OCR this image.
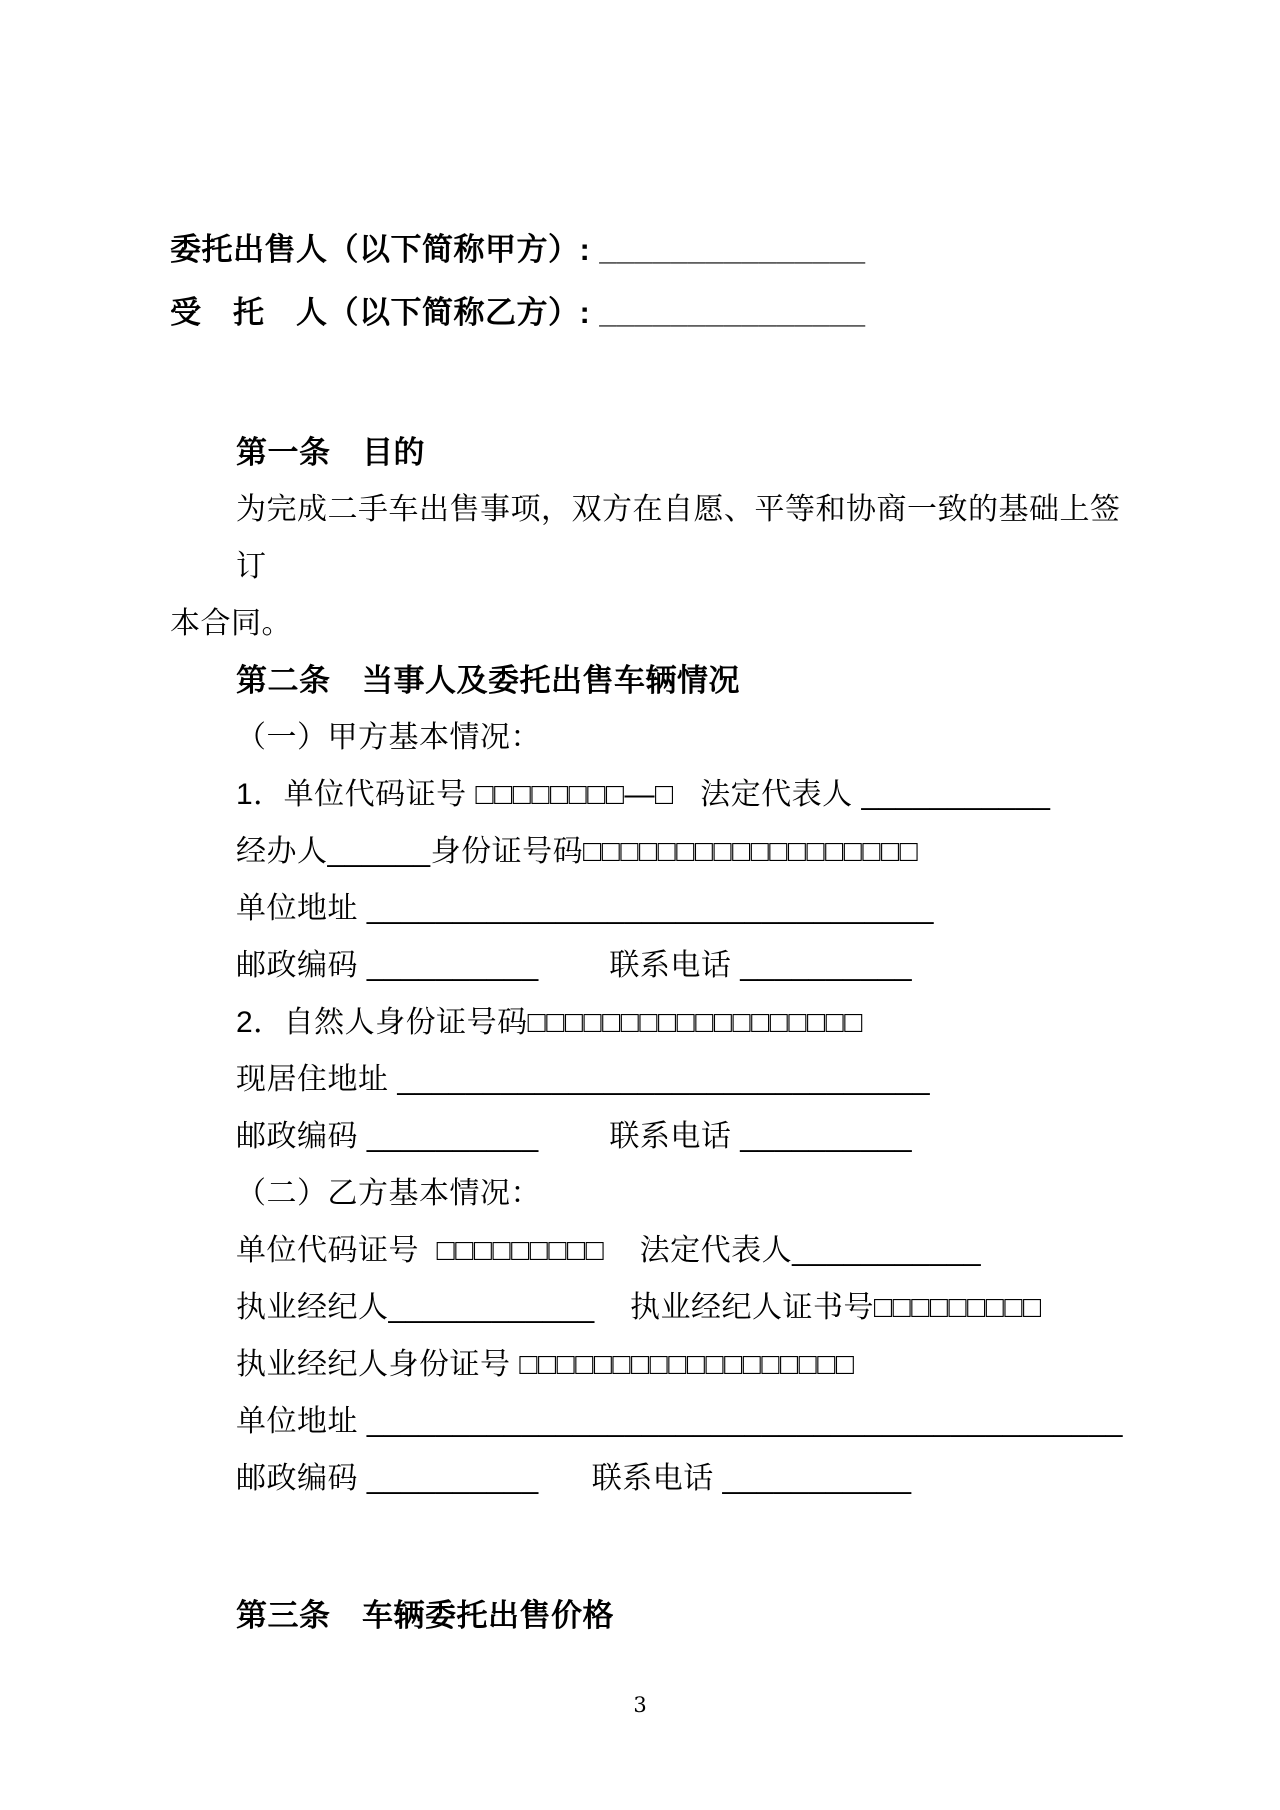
委托出售人（以下简称甲方）: _______________
受　托　人（以下简称乙方）: _______________
第一条　目的
为完成二手车出售事项，双方在自愿、平等和协商一致的基础上签订
本合同。
第二条　当事人及委托出售车辆情况
（一）甲方基本情况：
1．单位代码证号 □□□□□□□□—□   法定代表人 ___________
经办人______身份证号码□□□□□□□□□□□□□□□□□□
单位地址 _________________________________
邮政编码 __________        联系电话 __________
2．自然人身份证号码□□□□□□□□□□□□□□□□□□
现居住地址 _______________________________
邮政编码 __________        联系电话 __________
（二）乙方基本情况：
单位代码证号  □□□□□□□□□    法定代表人___________
执业经纪人____________    执业经纪人证书号□□□□□□□□□
执业经纪人身份证号 □□□□□□□□□□□□□□□□□□
单位地址 ____________________________________________
邮政编码 __________      联系电话 ___________
第三条　车辆委托出售价格
3
